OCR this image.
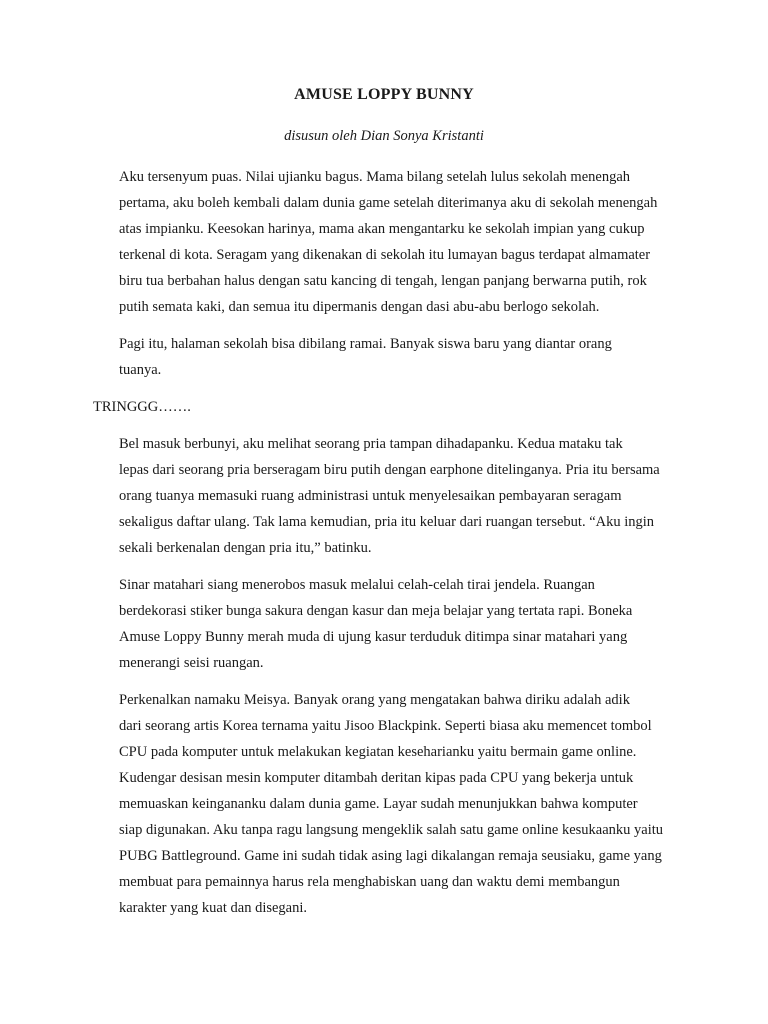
AMUSE LOPPY BUNNY
disusun oleh Dian Sonya Kristanti

Aku tersenyum puas. Nilai ujianku bagus. Mama bilang setelah lulus sekolah menengah
pertama, aku boleh kembali dalam dunia game setelah diterimanya aku di sekolah menengah
atas impianku. Keesokan harinya, mama akan mengantarku ke sekolah impian yang cukup
terkenal di kota. Seragam yang dikenakan di sekolah itu lumayan bagus terdapat almamater
biru tua berbahan halus dengan satu kancing di tengah, lengan panjang berwarna putih, rok
putih semata kaki, dan semua itu dipermanis dengan dasi abu-abu berlogo sekolah.

Pagi itu, halaman sekolah bisa dibilang ramai. Banyak siswa baru yang diantar orang
tuanya.

TRINGGG…….

Bel masuk berbunyi, aku melihat seorang pria tampan dihadapanku. Kedua mataku tak
lepas dari seorang pria berseragam biru putih dengan earphone ditelinganya. Pria itu bersama
orang tuanya memasuki ruang administrasi untuk menyelesaikan pembayaran seragam
sekaligus daftar ulang. Tak lama kemudian, pria itu keluar dari ruangan tersebut. “Aku ingin
sekali berkenalan dengan pria itu,” batinku.

Sinar matahari siang menerobos masuk melalui celah-celah tirai jendela. Ruangan
berdekorasi stiker bunga sakura dengan kasur dan meja belajar yang tertata rapi. Boneka
Amuse Loppy Bunny merah muda di ujung kasur terduduk ditimpa sinar matahari yang
menerangi seisi ruangan.

Perkenalkan namaku Meisya. Banyak orang yang mengatakan bahwa diriku adalah adik
dari seorang artis Korea ternama yaitu Jisoo Blackpink. Seperti biasa aku memencet tombol
CPU pada komputer untuk melakukan kegiatan keseharianku yaitu bermain game online.
Kudengar desisan mesin komputer ditambah deritan kipas pada CPU yang bekerja untuk
memuaskan keingananku dalam dunia game. Layar sudah menunjukkan bahwa komputer
siap digunakan. Aku tanpa ragu langsung mengeklik salah satu game online kesukaanku yaitu
PUBG Battleground. Game ini sudah tidak asing lagi dikalangan remaja seusiaku, game yang
membuat para pemainnya harus rela menghabiskan uang dan waktu demi membangun
karakter yang kuat dan disegani.
